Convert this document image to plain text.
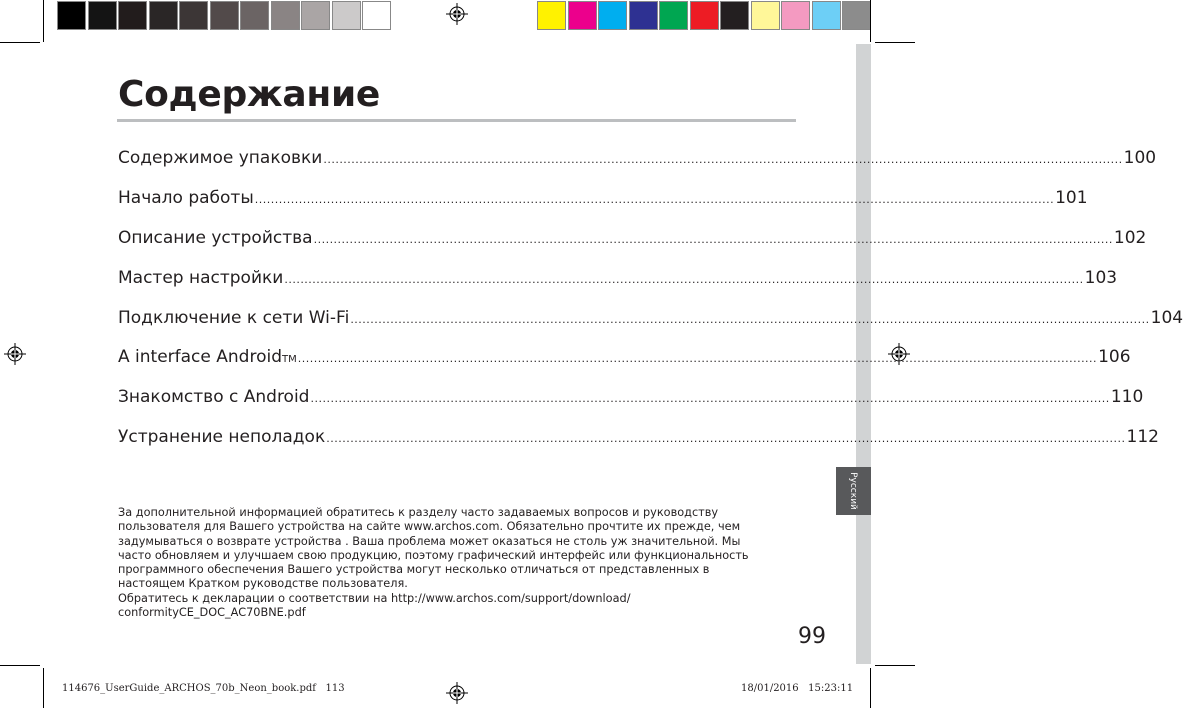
Русский
Содержание
Содержимое упаковки ........................................................................................................................................................................................................ 100
Начало работы ........................................................................................................................................................................................................ 101
Описание устройства ........................................................................................................................................................................................................ 102
Мастер настройки ........................................................................................................................................................................................................ 103
Подключение к сети Wi-Fi ........................................................................................................................................................................................................ 104
A interface Android TM ........................................................................................................................................................................................................ 106
Знакомство с Android ........................................................................................................................................................................................................ 110
Устранение неполадок ........................................................................................................................................................................................................ 112

За дополнительной информацией обратитесь к разделу часто задаваемых вопросов и руководству

пользователя для Вашего устройства на сайте www.archos.com. Обязательно прочтите их прежде, чем

задумываться о возврате устройства . Ваша проблема может оказаться не столь уж значительной. Мы

часто обновляем и улучшаем свою продукцию, поэтому графический интерфейс или функциональность

программного обеспечения Вашего устройства могут несколько отличаться от представленных в

настоящем Кратком руководстве пользователя.

Обратитесь к декларации о соответствии на http://www.archos.com/support/download/

conformityCE_DOC_AC70BNE.pdf

99
114676_UserGuide_ARCHOS_70b_Neon_book.pdf   113	18/01/2016   15:23:11
